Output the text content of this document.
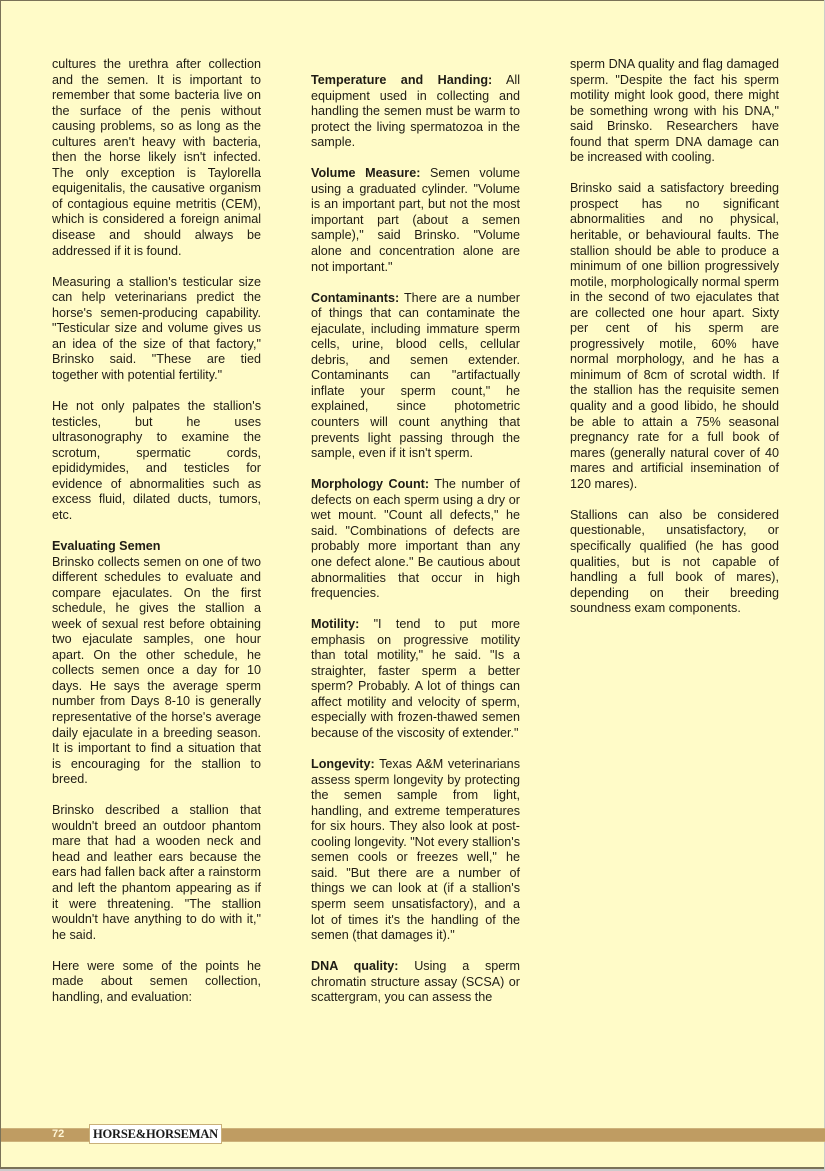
cultures the urethra after collection and the semen. It is important to remember that some bacteria live on the surface of the penis without causing problems, so as long as the cultures aren't heavy with bacteria, then the horse likely isn't infected. The only exception is Taylorella equigenitalis, the causative organism of contagious equine metritis (CEM), which is considered a foreign animal disease and should always be addressed if it is found.

Measuring a stallion's testicular size can help veterinarians predict the horse's semen-producing capability. "Testicular size and volume gives us an idea of the size of that factory," Brinsko said. "These are tied together with potential fertility."

He not only palpates the stallion's testicles, but he uses ultrasonography to examine the scrotum, spermatic cords, epididymides, and testicles for evidence of abnormalities such as excess fluid, dilated ducts, tumors, etc.

Evaluating Semen
Brinsko collects semen on one of two different schedules to evaluate and compare ejaculates. On the first schedule, he gives the stallion a week of sexual rest before obtaining two ejaculate samples, one hour apart. On the other schedule, he collects semen once a day for 10 days. He says the average sperm number from Days 8-10 is generally representative of the horse's average daily ejaculate in a breeding season. It is important to find a situation that is encouraging for the stallion to breed.

Brinsko described a stallion that wouldn't breed an outdoor phantom mare that had a wooden neck and head and leather ears because the ears had fallen back after a rainstorm and left the phantom appearing as if it were threatening. "The stallion wouldn't have anything to do with it," he said.

Here were some of the points he made about semen collection, handling, and evaluation:

Temperature and Handing: All equipment used in collecting and handling the semen must be warm to protect the living spermatozoa in the sample.

Volume Measure: Semen volume using a graduated cylinder. "Volume is an important part, but not the most important part (about a semen sample)," said Brinsko. "Volume alone and concentration alone are not important."

Contaminants: There are a number of things that can contaminate the ejaculate, including immature sperm cells, urine, blood cells, cellular debris, and semen extender. Contaminants can "artifactually inflate your sperm count," he explained, since photometric counters will count anything that prevents light passing through the sample, even if it isn't sperm.

Morphology Count: The number of defects on each sperm using a dry or wet mount. "Count all defects," he said. "Combinations of defects are probably more important than any one defect alone." Be cautious about abnormalities that occur in high frequencies.

Motility: "I tend to put more emphasis on progressive motility than total motility," he said. "Is a straighter, faster sperm a better sperm? Probably. A lot of things can affect motility and velocity of sperm, especially with frozen-thawed semen because of the viscosity of extender."

Longevity: Texas A&M veterinarians assess sperm longevity by protecting the semen sample from light, handling, and extreme temperatures for six hours. They also look at post-cooling longevity. "Not every stallion's semen cools or freezes well," he said. "But there are a number of things we can look at (if a stallion's sperm seem unsatisfactory), and a lot of times it's the handling of the semen (that damages it)."

DNA quality: Using a sperm chromatin structure assay (SCSA) or scattergram, you can assess the

sperm DNA quality and flag damaged sperm. "Despite the fact his sperm motility might look good, there might be something wrong with his DNA," said Brinsko. Researchers have found that sperm DNA damage can be increased with cooling.

Brinsko said a satisfactory breeding prospect has no significant abnormalities and no physical, heritable, or behavioural faults. The stallion should be able to produce a minimum of one billion progressively motile, morphologically normal sperm in the second of two ejaculates that are collected one hour apart. Sixty per cent of his sperm are progressively motile, 60% have normal morphology, and he has a minimum of 8cm of scrotal width. If the stallion has the requisite semen quality and a good libido, he should be able to attain a 75% seasonal pregnancy rate for a full book of mares (generally natural cover of 40 mares and artificial insemination of 120 mares).

Stallions can also be considered questionable, unsatisfactory, or specifically qualified (he has good qualities, but is not capable of handling a full book of mares), depending on their breeding soundness exam components.

72	HORSE&HORSEMAN
